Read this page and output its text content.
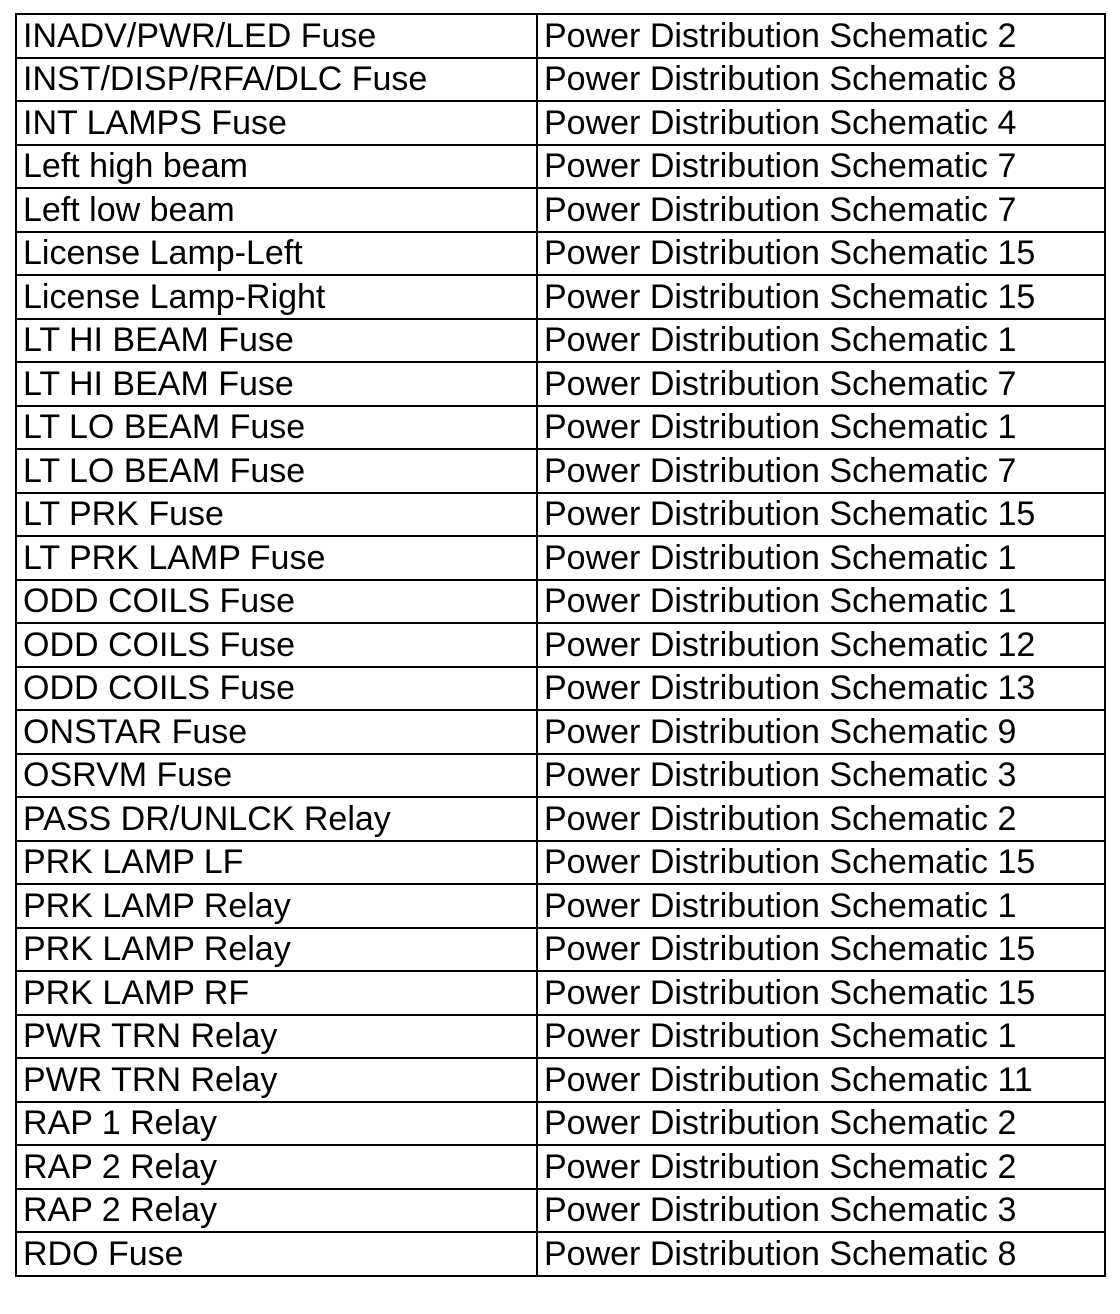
INADV/PWR/LED Fuse	Power Distribution Schematic 2
INST/DISP/RFA/DLC Fuse	Power Distribution Schematic 8
INT LAMPS Fuse	Power Distribution Schematic 4
Left high beam	Power Distribution Schematic 7
Left low beam	Power Distribution Schematic 7
License Lamp-Left	Power Distribution Schematic 15
License Lamp-Right	Power Distribution Schematic 15
LT HI BEAM Fuse	Power Distribution Schematic 1
LT HI BEAM Fuse	Power Distribution Schematic 7
LT LO BEAM Fuse	Power Distribution Schematic 1
LT LO BEAM Fuse	Power Distribution Schematic 7
LT PRK Fuse	Power Distribution Schematic 15
LT PRK LAMP Fuse	Power Distribution Schematic 1
ODD COILS Fuse	Power Distribution Schematic 1
ODD COILS Fuse	Power Distribution Schematic 12
ODD COILS Fuse	Power Distribution Schematic 13
ONSTAR Fuse	Power Distribution Schematic 9
OSRVM Fuse	Power Distribution Schematic 3
PASS DR/UNLCK Relay	Power Distribution Schematic 2
PRK LAMP LF	Power Distribution Schematic 15
PRK LAMP Relay	Power Distribution Schematic 1
PRK LAMP Relay	Power Distribution Schematic 15
PRK LAMP RF	Power Distribution Schematic 15
PWR TRN Relay	Power Distribution Schematic 1
PWR TRN Relay	Power Distribution Schematic 11
RAP 1 Relay	Power Distribution Schematic 2
RAP 2 Relay	Power Distribution Schematic 2
RAP 2 Relay	Power Distribution Schematic 3
RDO Fuse	Power Distribution Schematic 8
